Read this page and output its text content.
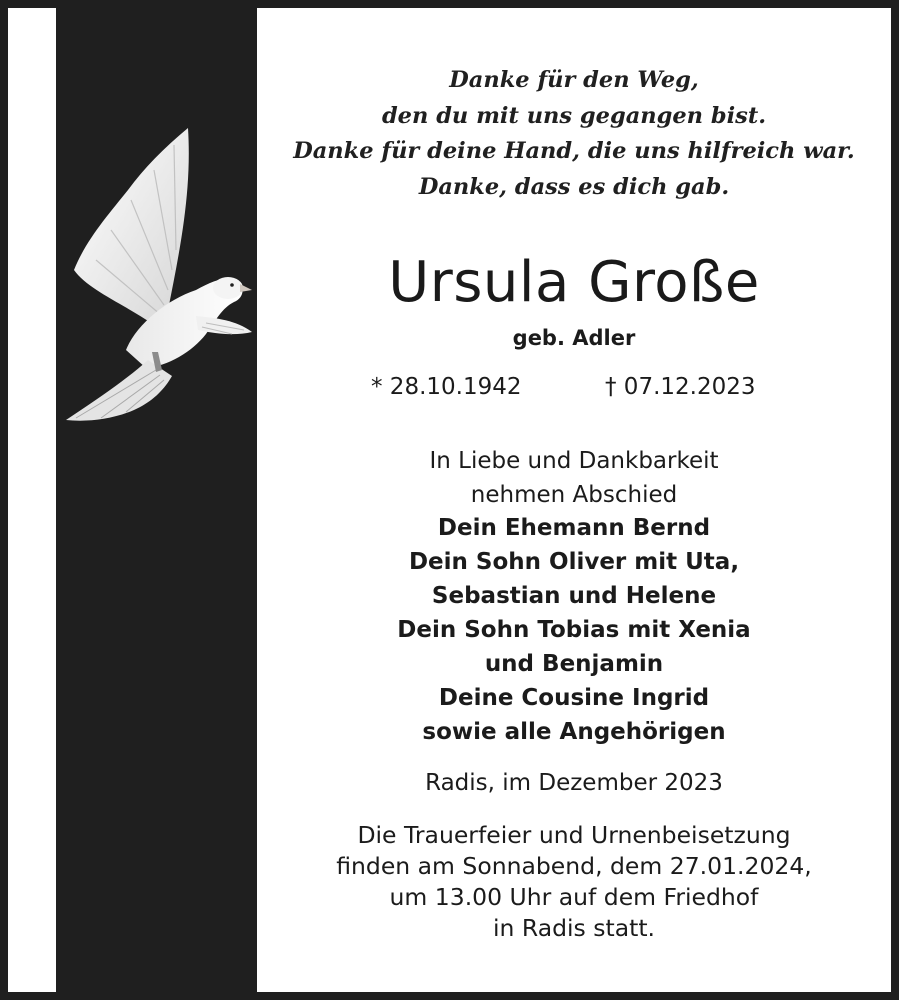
Danke für den Weg,
den du mit uns gegangen bist.
Danke für deine Hand, die uns hilfreich war.
Danke, dass es dich gab.
Ursula Große
geb. Adler
* 28.10.1942	† 07.12.2023
In Liebe und Dankbarkeit
nehmen Abschied
Dein Ehemann Bernd
Dein Sohn Oliver mit Uta,
Sebastian und Helene
Dein Sohn Tobias mit Xenia
und Benjamin
Deine Cousine Ingrid
sowie alle Angehörigen
Radis, im Dezember 2023
Die Trauerfeier und Urnenbeisetzung
finden am Sonnabend, dem 27.01.2024,
um 13.00 Uhr auf dem Friedhof
in Radis statt.
